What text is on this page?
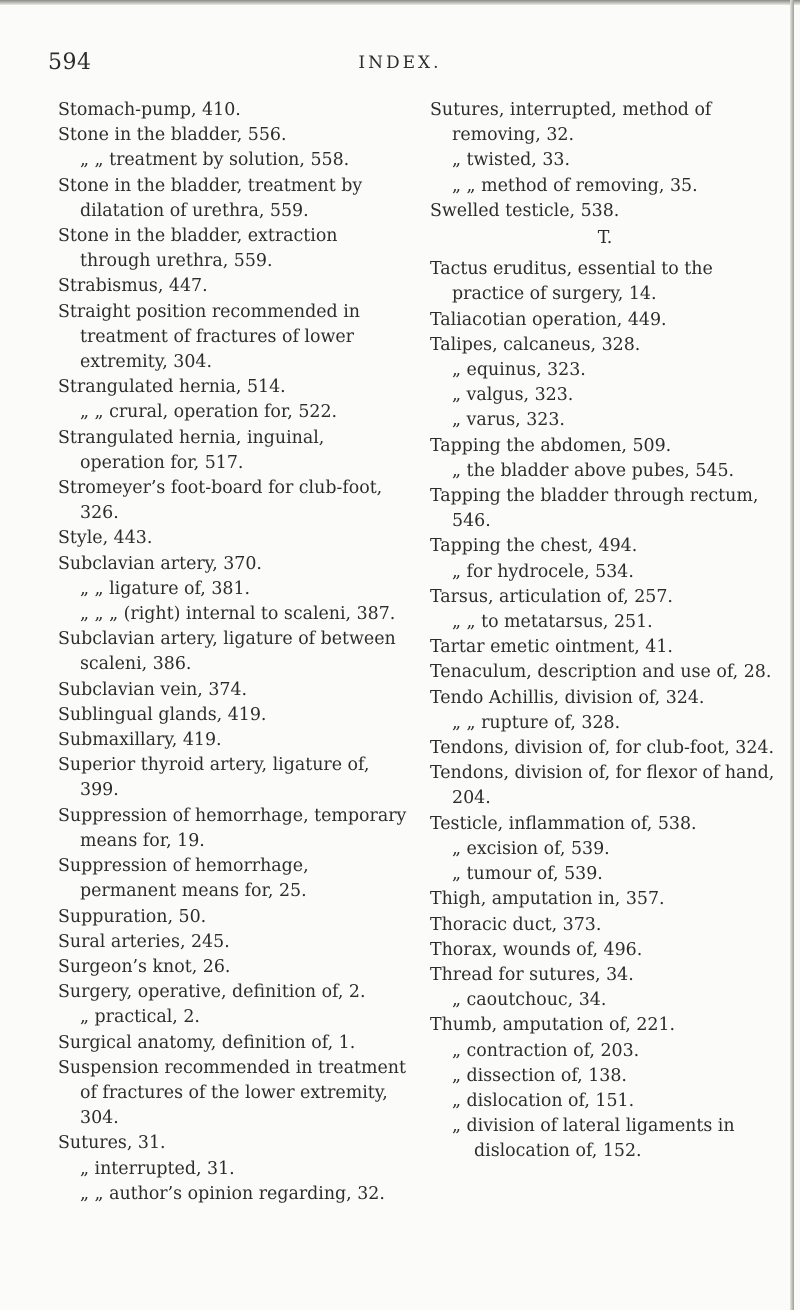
594	INDEX.

Stomach-pump, 410.

Stone in the bladder, 556.

„ „ treatment by solution, 558.

Stone in the bladder, treatment by dilatation of urethra, 559.

Stone in the bladder, extraction through urethra, 559.

Strabismus, 447.

Straight position recommended in treatment of fractures of lower extremity, 304.

Strangulated hernia, 514.

„ „ crural, operation for, 522.

Strangulated hernia, inguinal, operation for, 517.

Stromeyer’s foot-board for club-foot, 326.

Style, 443.

Subclavian artery, 370.

„ „ ligature of, 381.

„ „ „ (right) internal to scaleni, 387.

Subclavian artery, ligature of between scaleni, 386.

Subclavian vein, 374.

Sublingual glands, 419.

Submaxillary, 419.

Superior thyroid artery, ligature of, 399.

Suppression of hemorrhage, temporary means for, 19.

Suppression of hemorrhage, permanent means for, 25.

Suppuration, 50.

Sural arteries, 245.

Surgeon’s knot, 26.

Surgery, operative, definition of, 2.

„ practical, 2.

Surgical anatomy, definition of, 1.

Suspension recommended in treatment of fractures of the lower extremity, 304.

Sutures, 31.

„ interrupted, 31.

„ „ author’s opinion regarding, 32.

Sutures, interrupted, method of removing, 32.

„ twisted, 33.

„ „ method of removing, 35.

Swelled testicle, 538.

T.

Tactus eruditus, essential to the practice of surgery, 14.

Taliacotian operation, 449.

Talipes, calcaneus, 328.

„ equinus, 323.

„ valgus, 323.

„ varus, 323.

Tapping the abdomen, 509.

„ the bladder above pubes, 545.

Tapping the bladder through rectum, 546.

Tapping the chest, 494.

„ for hydrocele, 534.

Tarsus, articulation of, 257.

„ „ to metatarsus, 251.

Tartar emetic ointment, 41.

Tenaculum, description and use of, 28.

Tendo Achillis, division of, 324.

„ „ rupture of, 328.

Tendons, division of, for club-foot, 324.

Tendons, division of, for flexor of hand, 204.

Testicle, inflammation of, 538.

„ excision of, 539.

„ tumour of, 539.

Thigh, amputation in, 357.

Thoracic duct, 373.

Thorax, wounds of, 496.

Thread for sutures, 34.

„ caoutchouc, 34.

Thumb, amputation of, 221.

„ contraction of, 203.

„ dissection of, 138.

„ dislocation of, 151.

„ division of lateral ligaments in dislocation of, 152.
